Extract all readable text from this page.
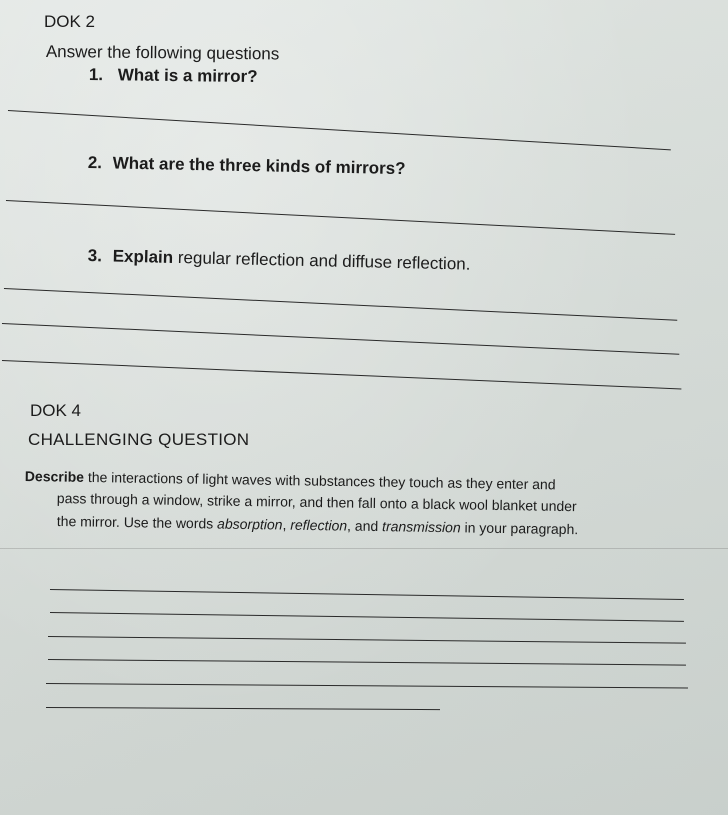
DOK 2

Answer the following questions

1. What is a mirror?

2. What are the three kinds of mirrors?

3. Explain regular reflection and diffuse reflection.

DOK 4

CHALLENGING QUESTION

Describe the interactions of light waves with substances they touch as they enter and

pass through a window, strike a mirror, and then fall onto a black wool blanket under

the mirror. Use the words absorption, reflection, and transmission in your paragraph.
